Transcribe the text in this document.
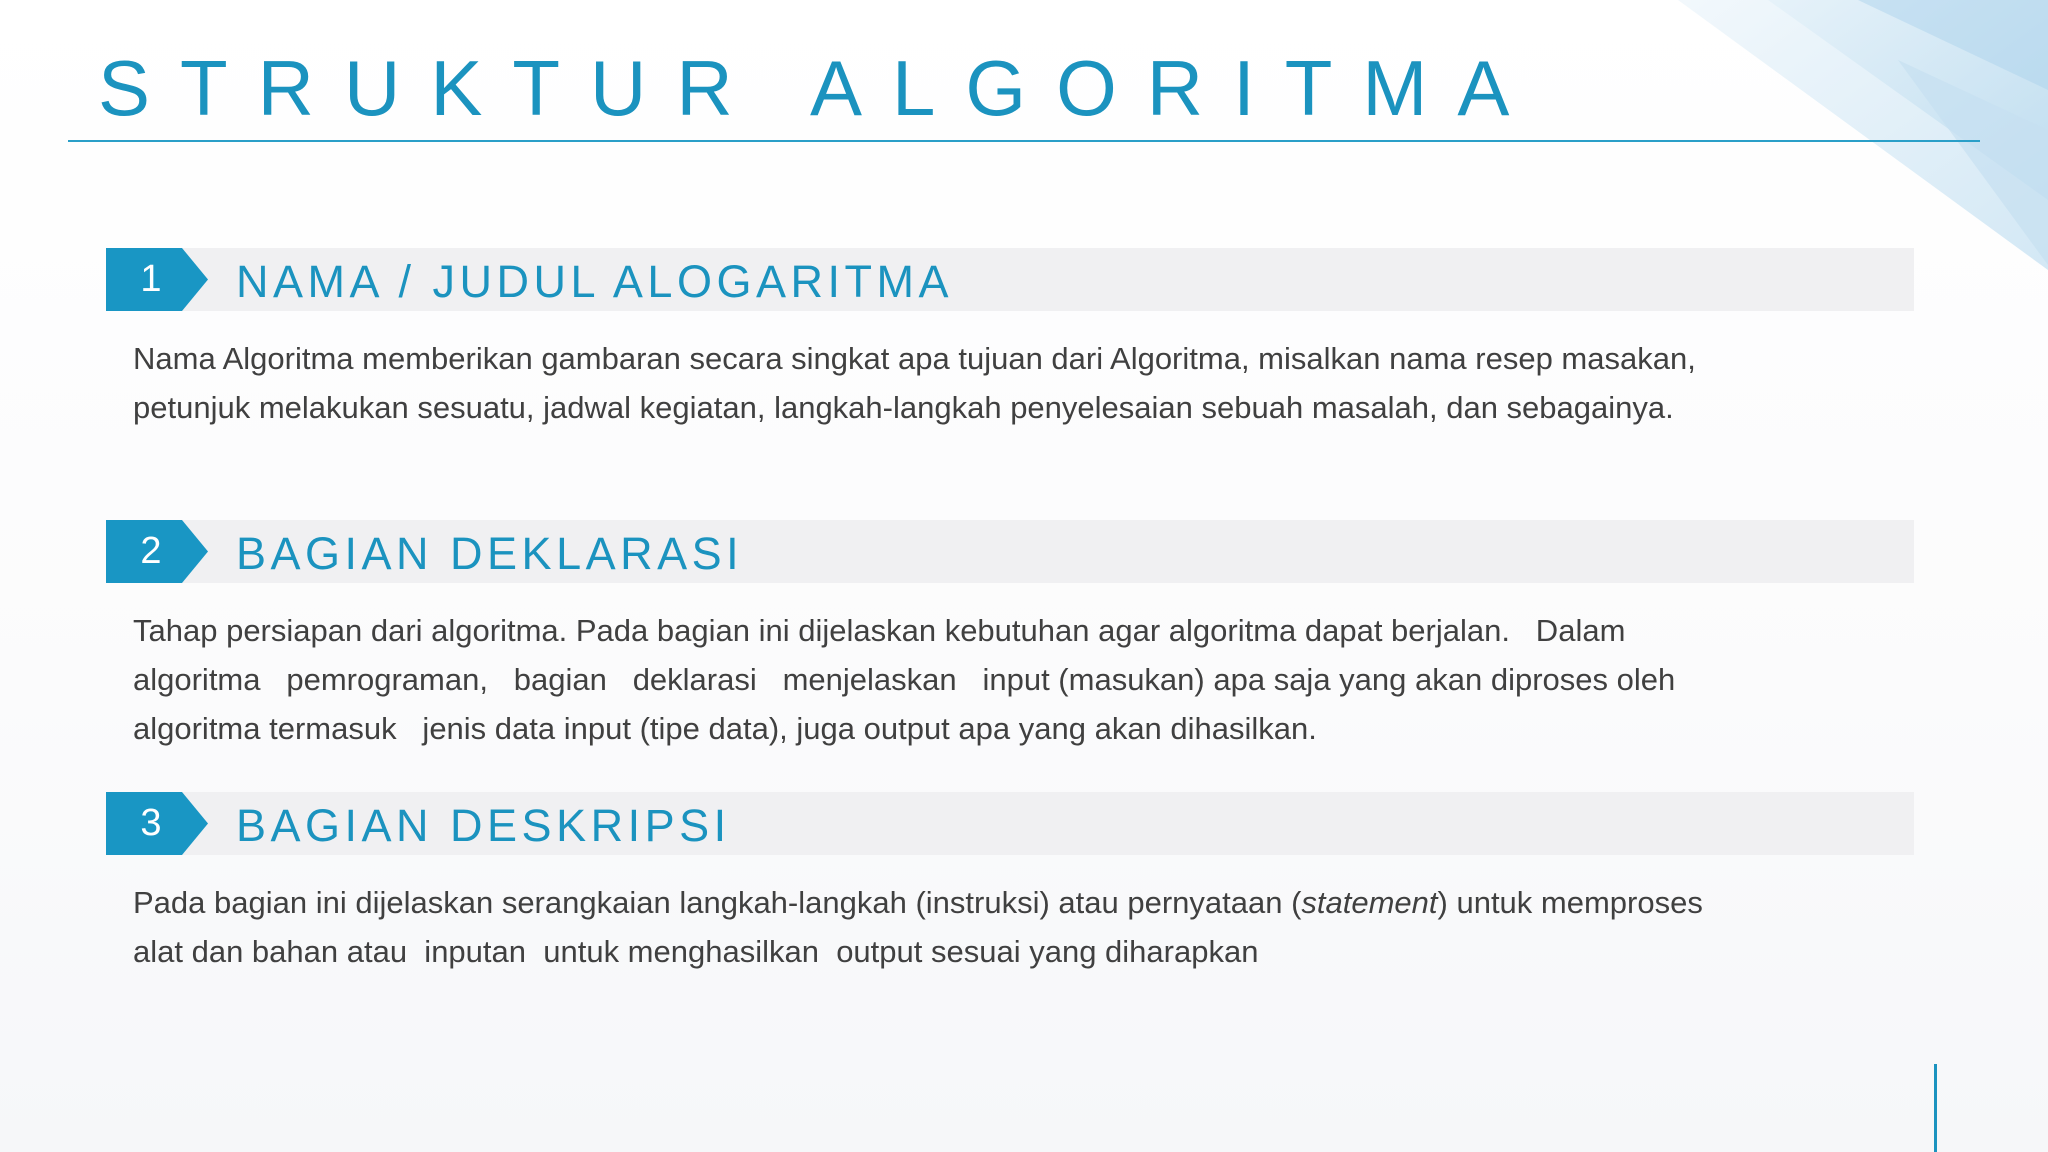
STRUKTUR ALGORITMA
1	NAMA / JUDUL ALOGARITMA

Nama Algoritma memberikan gambaran secara singkat apa tujuan dari Algoritma, misalkan nama resep masakan,
petunjuk melakukan sesuatu, jadwal kegiatan, langkah-langkah penyelesaian sebuah masalah, dan sebagainya.

2	BAGIAN DEKLARASI

Tahap persiapan dari algoritma. Pada bagian ini dijelaskan kebutuhan agar algoritma dapat berjalan.   Dalam
algoritma   pemrograman,   bagian   deklarasi   menjelaskan   input (masukan) apa saja yang akan diproses oleh
algoritma termasuk   jenis data input (tipe data), juga output apa yang akan dihasilkan.

3	BAGIAN DESKRIPSI

Pada bagian ini dijelaskan serangkaian langkah-langkah (instruksi) atau pernyataan (statement) untuk memproses
alat dan bahan atau  inputan  untuk menghasilkan  output sesuai yang diharapkan
